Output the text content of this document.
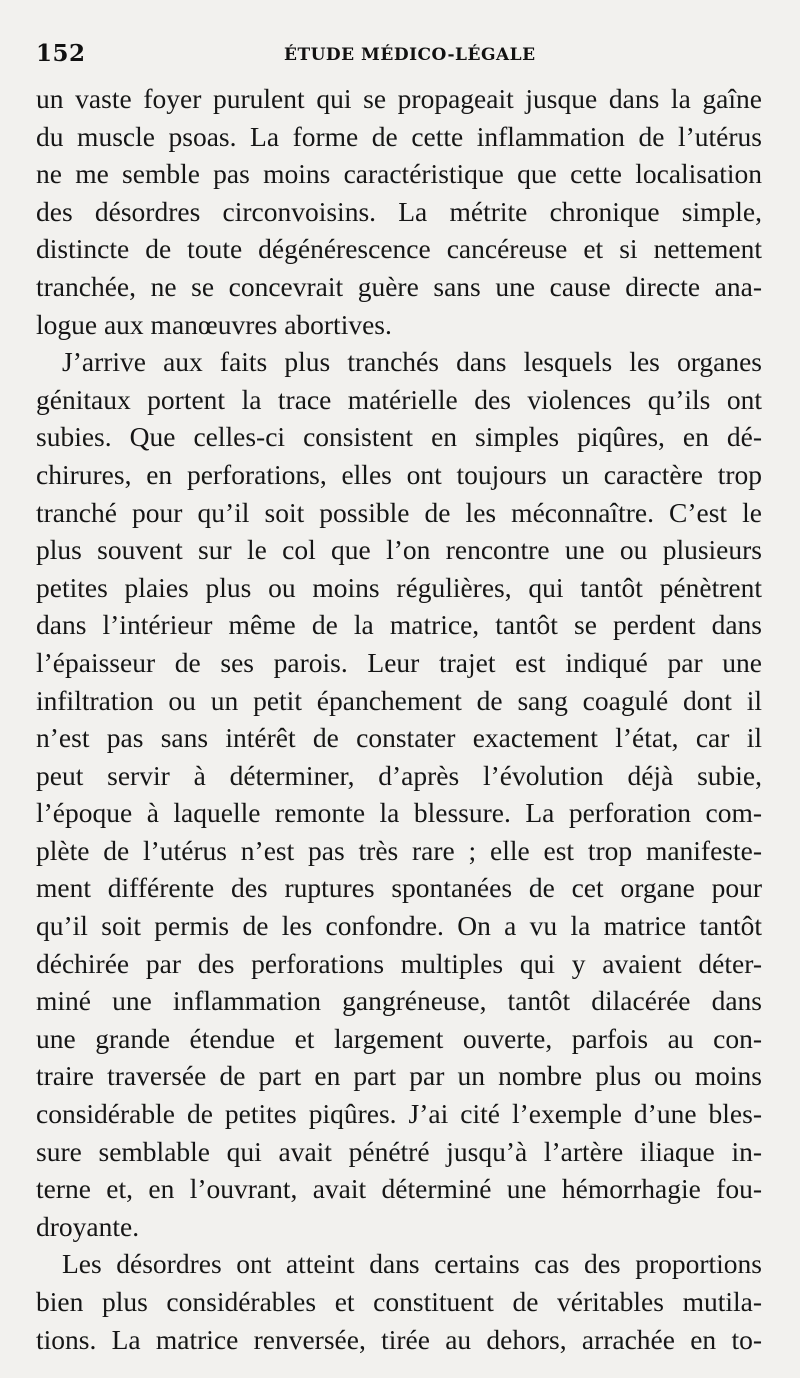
152	ÉTUDE MÉDICO-LÉGALE
un vaste foyer purulent qui se propageait jusque dans la gaîne
du muscle psoas. La forme de cette inflammation de l’utérus
ne me semble pas moins caractéristique que cette localisation
des désordres circonvoisins. La métrite chronique simple,
distincte de toute dégénérescence cancéreuse et si nettement
tranchée, ne se concevrait guère sans une cause directe ana-
logue aux manœuvres abortives.
J’arrive aux faits plus tranchés dans lesquels les organes
génitaux portent la trace matérielle des violences qu’ils ont
subies. Que celles-ci consistent en simples piqûres, en dé-
chirures, en perforations, elles ont toujours un caractère trop
tranché pour qu’il soit possible de les méconnaître. C’est le
plus souvent sur le col que l’on rencontre une ou plusieurs
petites plaies plus ou moins régulières, qui tantôt pénètrent
dans l’intérieur même de la matrice, tantôt se perdent dans
l’épaisseur de ses parois. Leur trajet est indiqué par une
infiltration ou un petit épanchement de sang coagulé dont il
n’est pas sans intérêt de constater exactement l’état, car il
peut servir à déterminer, d’après l’évolution déjà subie,
l’époque à laquelle remonte la blessure. La perforation com-
plète de l’utérus n’est pas très rare ; elle est trop manifeste-
ment différente des ruptures spontanées de cet organe pour
qu’il soit permis de les confondre. On a vu la matrice tantôt
déchirée par des perforations multiples qui y avaient déter-
miné une inflammation gangréneuse, tantôt dilacérée dans
une grande étendue et largement ouverte, parfois au con-
traire traversée de part en part par un nombre plus ou moins
considérable de petites piqûres. J’ai cité l’exemple d’une bles-
sure semblable qui avait pénétré jusqu’à l’artère iliaque in-
terne et, en l’ouvrant, avait déterminé une hémorrhagie fou-
droyante.
Les désordres ont atteint dans certains cas des proportions
bien plus considérables et constituent de véritables mutila-
tions. La matrice renversée, tirée au dehors, arrachée en to-
